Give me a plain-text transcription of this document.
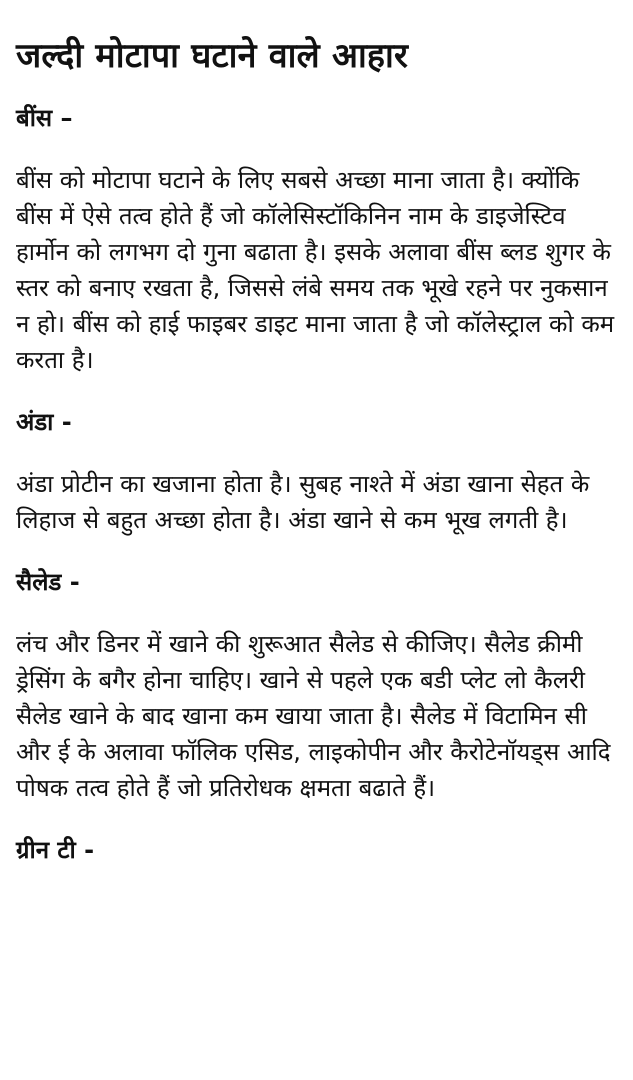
जल्दी मोटापा घटाने वाले आहार
बींस –

बींस को मोटापा घटाने के लिए सबसे अच्छा माना जाता है। क्योंकि बींस में ऐसे तत्व होते हैं जो कॉलेसिस्टॉकिनिन नाम के डाइजेस्टिव हार्मोन को लगभग दो गुना बढाता है। इसके अलावा बींस ब्लड शुगर के स्तर को बनाए रखता है, जिससे लंबे समय तक भूखे रहने पर नुकसान न हो। बींस को हाई फाइबर डाइट माना जाता है जो कॉलेस्ट्राल को कम करता है।

अंडा -

अंडा प्रोटीन का खजाना होता है। सुबह नाश्ते में अंडा खाना सेहत के लिहाज से बहुत अच्छा होता है। अंडा खाने से कम भूख लगती है।

सैलेड -

लंच और डिनर में खाने की शुरूआत सैलेड से कीजिए। सैलेड क्रीमी ड्रेसिंग के बगैर होना चाहिए। खाने से पहले एक बडी प्लेट लो कैलरी सैलेड खाने के बाद खाना कम खाया जाता है। सैलेड में विटामिन सी और ई के अलावा फॉलिक एसिड, लाइकोपीन और कैरोटेनॉयड्स आदि पोषक तत्व होते हैं जो प्रतिरोधक क्षमता बढाते हैं।

ग्रीन टी -
